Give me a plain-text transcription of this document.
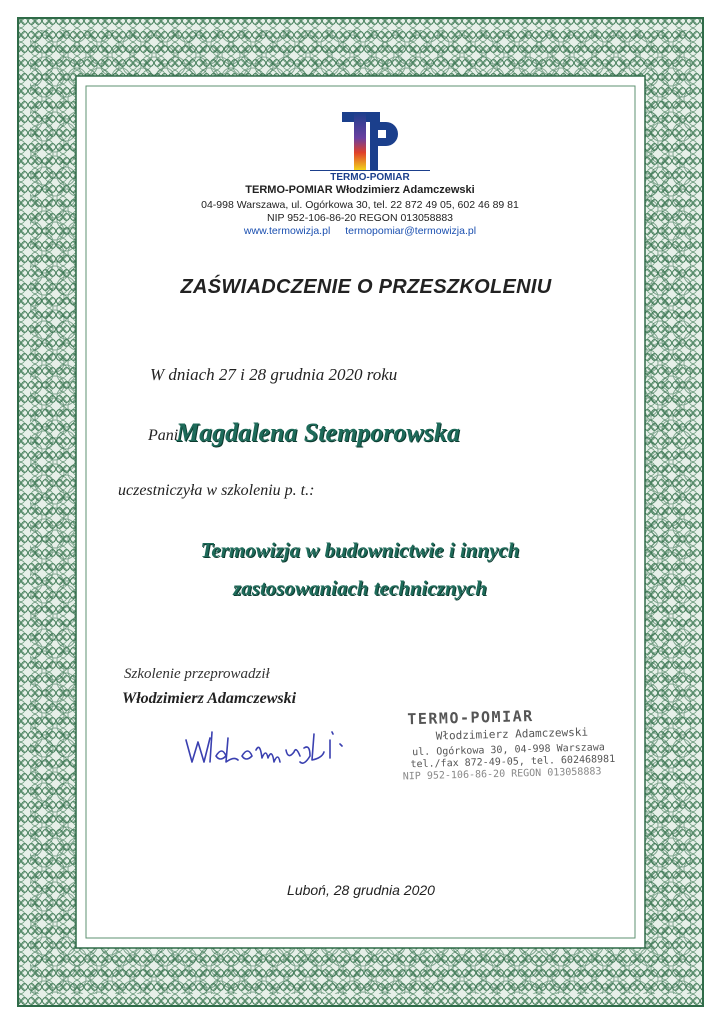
TERMO-POMIAR
TERMO-POMIAR Włodzimierz Adamczewski
04-998 Warszawa, ul. Ogórkowa 30, tel. 22 872 49 05, 602 46 89 81
NIP 952-106-86-20 REGON 013058883
www.termowizja.pl termopomiar@termowizja.pl
ZAŚWIADCZENIE O PRZESZKOLENIU
W dniach 27 i 28 grudnia 2020 roku
Pani
Magdalena Stemporowska
uczestniczyła w szkoleniu p. t.:
Termowizja w budownictwie i innych
zastosowaniach technicznych
Szkolenie przeprowadził
Włodzimierz Adamczewski
TERMO-POMIAR
Włodzimierz Adamczewski
ul. Ogórkowa 30, 04-998 Warszawa
tel./fax 872-49-05, tel. 602468981
NIP 952-106-86-20 REGON 013058883
Luboń, 28 grudnia 2020
